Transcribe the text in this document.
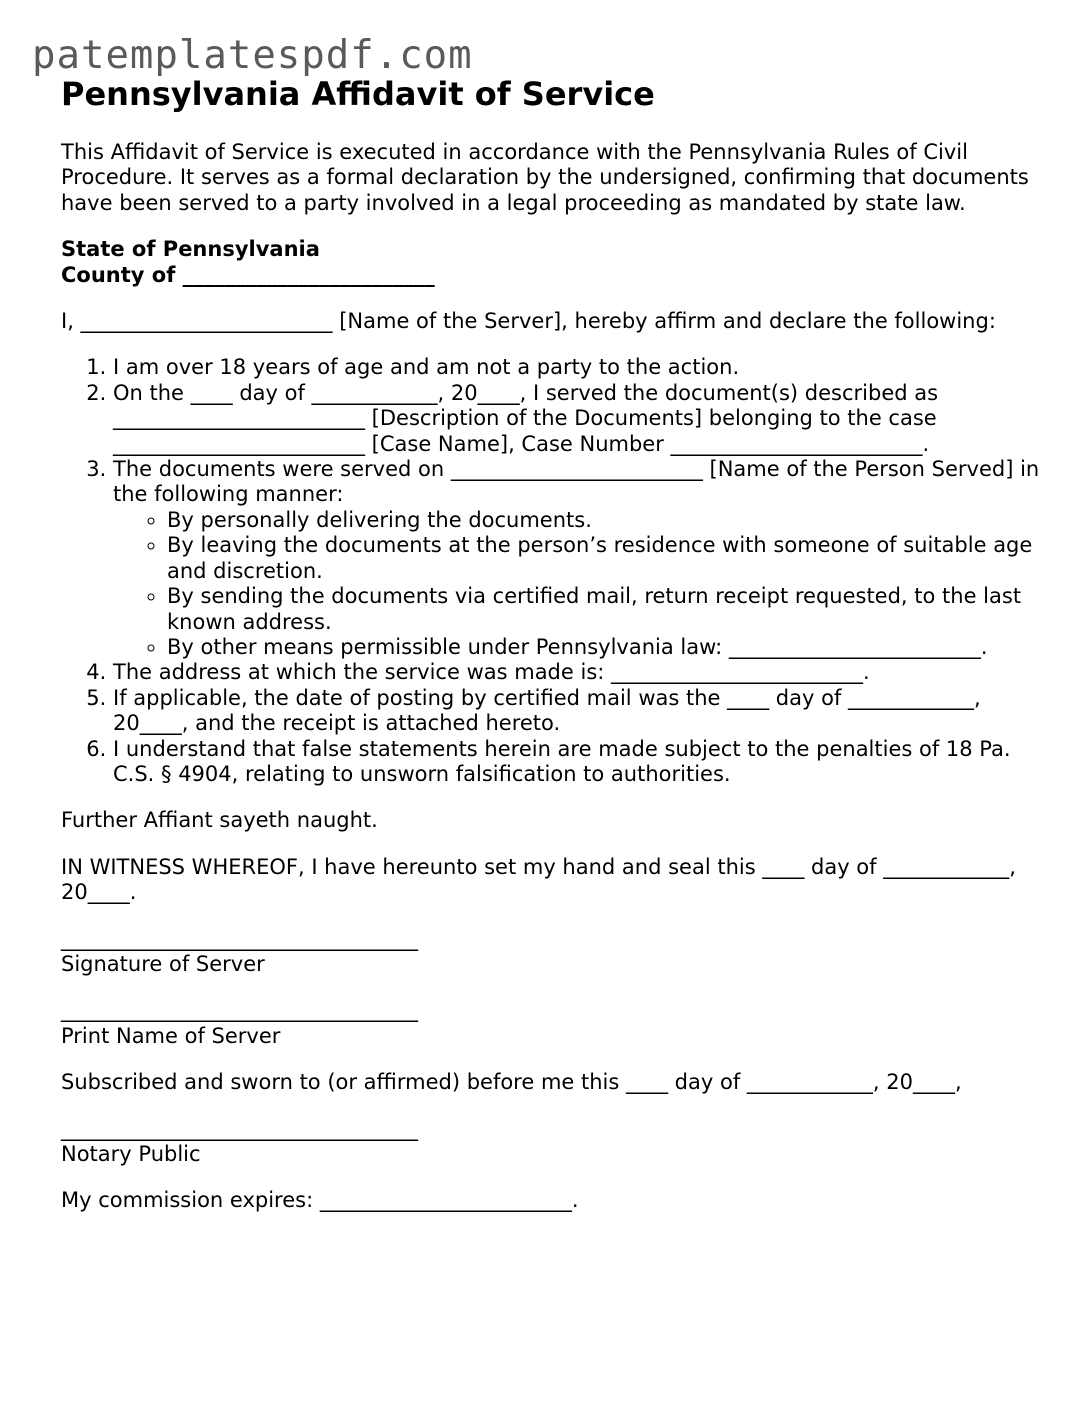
patemplatespdf.com
Pennsylvania Affidavit of Service

This Affidavit of Service is executed in accordance with the Pennsylvania Rules of Civil Procedure. It serves as a formal declaration by the undersigned, confirming that documents have been served to a party involved in a legal proceeding as mandated by state law.

State of Pennsylvania
County of ________________________

I, ________________________ [Name of the Server], hereby affirm and declare the following:

1. I am over 18 years of age and am not a party to the action.
2. On the ____ day of ____________, 20____, I served the document(s) described as ________________________ [Description of the Documents] belonging to the case ________________________ [Case Name], Case Number ________________________.
3. The documents were served on ________________________ [Name of the Person Served] in the following manner:
◦ By personally delivering the documents.
◦ By leaving the documents at the person’s residence with someone of suitable age and discretion.
◦ By sending the documents via certified mail, return receipt requested, to the last known address.
◦ By other means permissible under Pennsylvania law: ________________________.
4. The address at which the service was made is: ________________________.
5. If applicable, the date of posting by certified mail was the ____ day of ____________, 20____, and the receipt is attached hereto.
6. I understand that false statements herein are made subject to the penalties of 18 Pa. C.S. § 4904, relating to unsworn falsification to authorities.

Further Affiant sayeth naught.

IN WITNESS WHEREOF, I have hereunto set my hand and seal this ____ day of ____________, 20____.

__________________________________
Signature of Server
__________________________________
Print Name of Server

Subscribed and sworn to (or affirmed) before me this ____ day of ____________, 20____,

__________________________________
Notary Public

My commission expires: ________________________.
